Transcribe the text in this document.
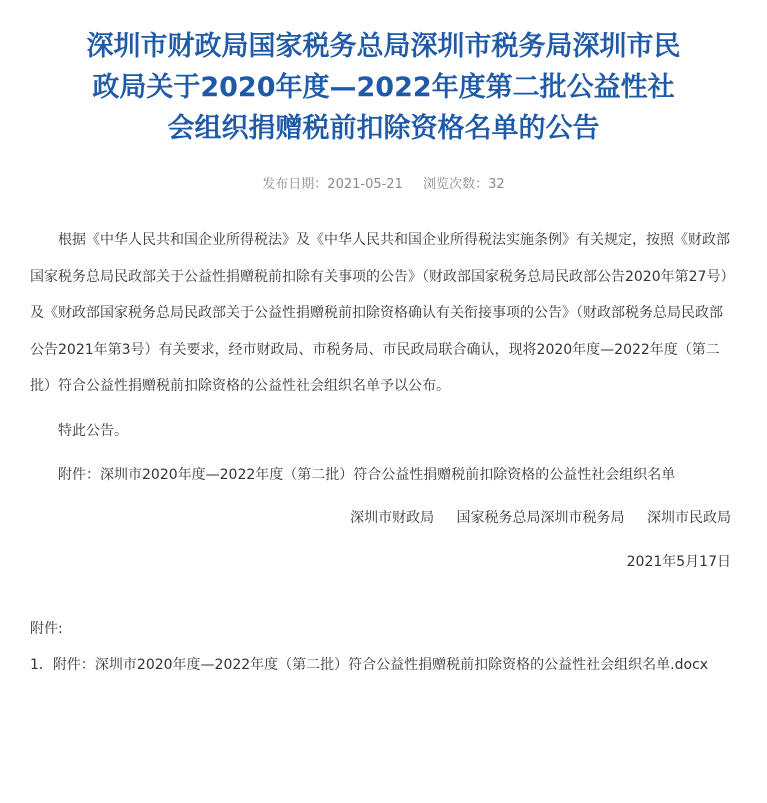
深圳市财政局国家税务总局深圳市税务局深圳市民
政局关于2020年度—2022年度第二批公益性社
会组织捐赠税前扣除资格名单的公告
发布日期：2021-05-21 浏览次数：32

根据《中华人民共和国企业所得税法》及《中华人民共和国企业所得税法实施条例》有关规定，按照《财政部国家税务总局民政部关于公益性捐赠税前扣除有关事项的公告》（财政部国家税务总局民政部公告2020年第27号）及《财政部国家税务总局民政部关于公益性捐赠税前扣除资格确认有关衔接事项的公告》（财政部税务总局民政部公告2021年第3号）有关要求，经市财政局、市税务局、市民政局联合确认，现将2020年度—2022年度（第二批）符合公益性捐赠税前扣除资格的公益性社会组织名单予以公布。

特此公告。

附件：深圳市2020年度—2022年度（第二批）符合公益性捐赠税前扣除资格的公益性社会组织名单

深圳市财政局 国家税务总局深圳市税务局 深圳市民政局
2021年5月17日
附件:
1．附件：深圳市2020年度—2022年度（第二批）符合公益性捐赠税前扣除资格的公益性社会组织名单.docx
